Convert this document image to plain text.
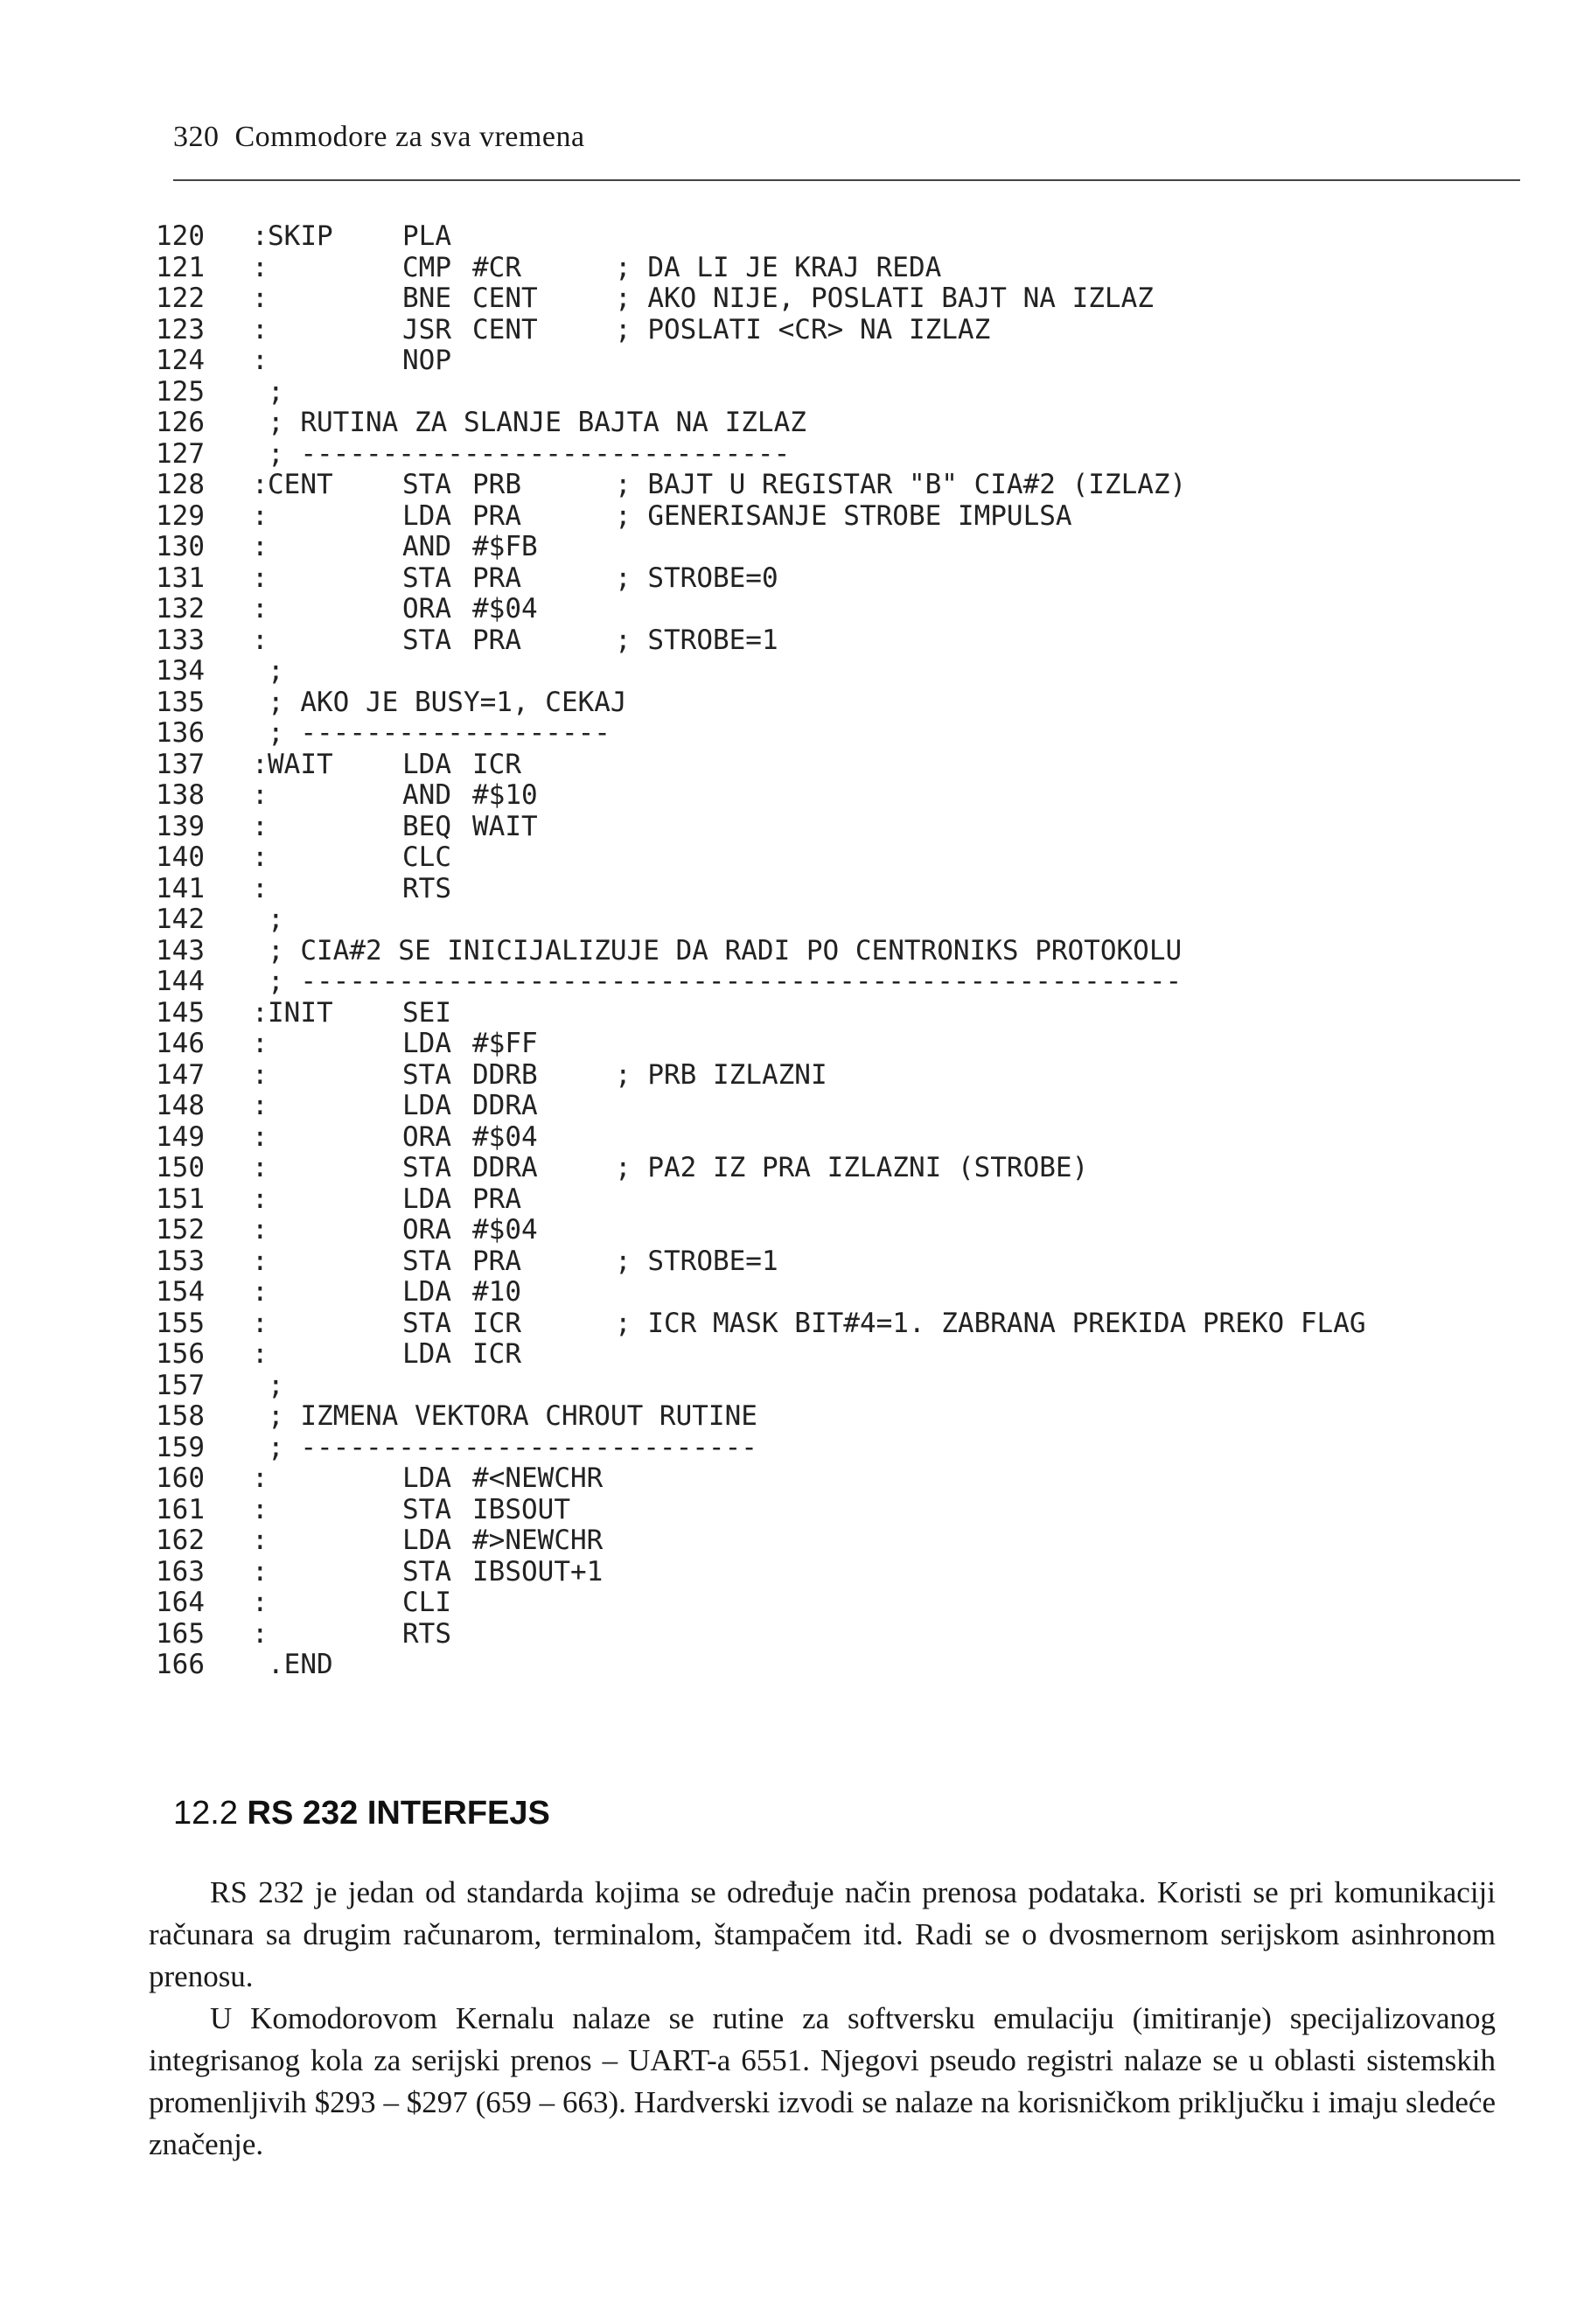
320 Commodore za sva vremena
120	: SKIP	PLA
121	:	CMP #CR	; DA LI JE KRAJ REDA
122	:	BNE CENT	; AKO NIJE, POSLATI BAJT NA IZLAZ
123	:	JSR CENT	; POSLATI <CR> NA IZLAZ
124	:	NOP
125	;
126	; RUTINA ZA SLANJE BAJTA NA IZLAZ
127	; ------------------------------
128	: CENT	STA PRB	; BAJT U REGISTAR "B" CIA#2 (IZLAZ)
129	:	LDA PRA	; GENERISANJE STROBE IMPULSA
130	:	AND #$FB
131	:	STA PRA	; STROBE=0
132	:	ORA #$04
133	:	STA PRA	; STROBE=1
134	;
135	; AKO JE BUSY=1, CEKAJ
136	; -------------------
137	: WAIT	LDA ICR
138	:	AND #$10
139	:	BEQ WAIT
140	:	CLC
141	:	RTS
142	;
143	; CIA#2 SE INICIJALIZUJE DA RADI PO CENTRONIKS PROTOKOLU
144	; ------------------------------------------------------
145	: INIT	SEI
146	:	LDA #$FF
147	:	STA DDRB	; PRB IZLAZNI
148	:	LDA DDRA
149	:	ORA #$04
150	:	STA DDRA	; PA2 IZ PRA IZLAZNI (STROBE)
151	:	LDA PRA
152	:	ORA #$04
153	:	STA PRA	; STROBE=1
154	:	LDA #10
155	:	STA ICR	; ICR MASK BIT#4=1. ZABRANA PREKIDA PREKO FLAG
156	:	LDA ICR
157	;
158	; IZMENA VEKTORA CHROUT RUTINE
159	; ----------------------------
160	:	LDA #<NEWCHR
161	:	STA IBSOUT
162	:	LDA #>NEWCHR
163	:	STA IBSOUT+1
164	:	CLI
165	:	RTS
166	.END
12.2 RS 232 INTERFEJS

RS 232 je jedan od standarda kojima se određuje način prenosa podataka. Koristi se pri komunikaciji računara sa drugim računarom, terminalom, štampačem itd. Radi se o dvosmernom serijskom asinhronom prenosu.

U Komodorovom Kernalu nalaze se rutine za softversku emulaciju (imitiranje) specijalizovanog integrisanog kola za serijski prenos – UART-a 6551. Njegovi pseudo registri nalaze se u oblasti sistemskih promenljivih $293 – $297 (659 – 663). Hardverski izvodi se nalaze na korisničkom priključku i imaju sledeće značenje.
